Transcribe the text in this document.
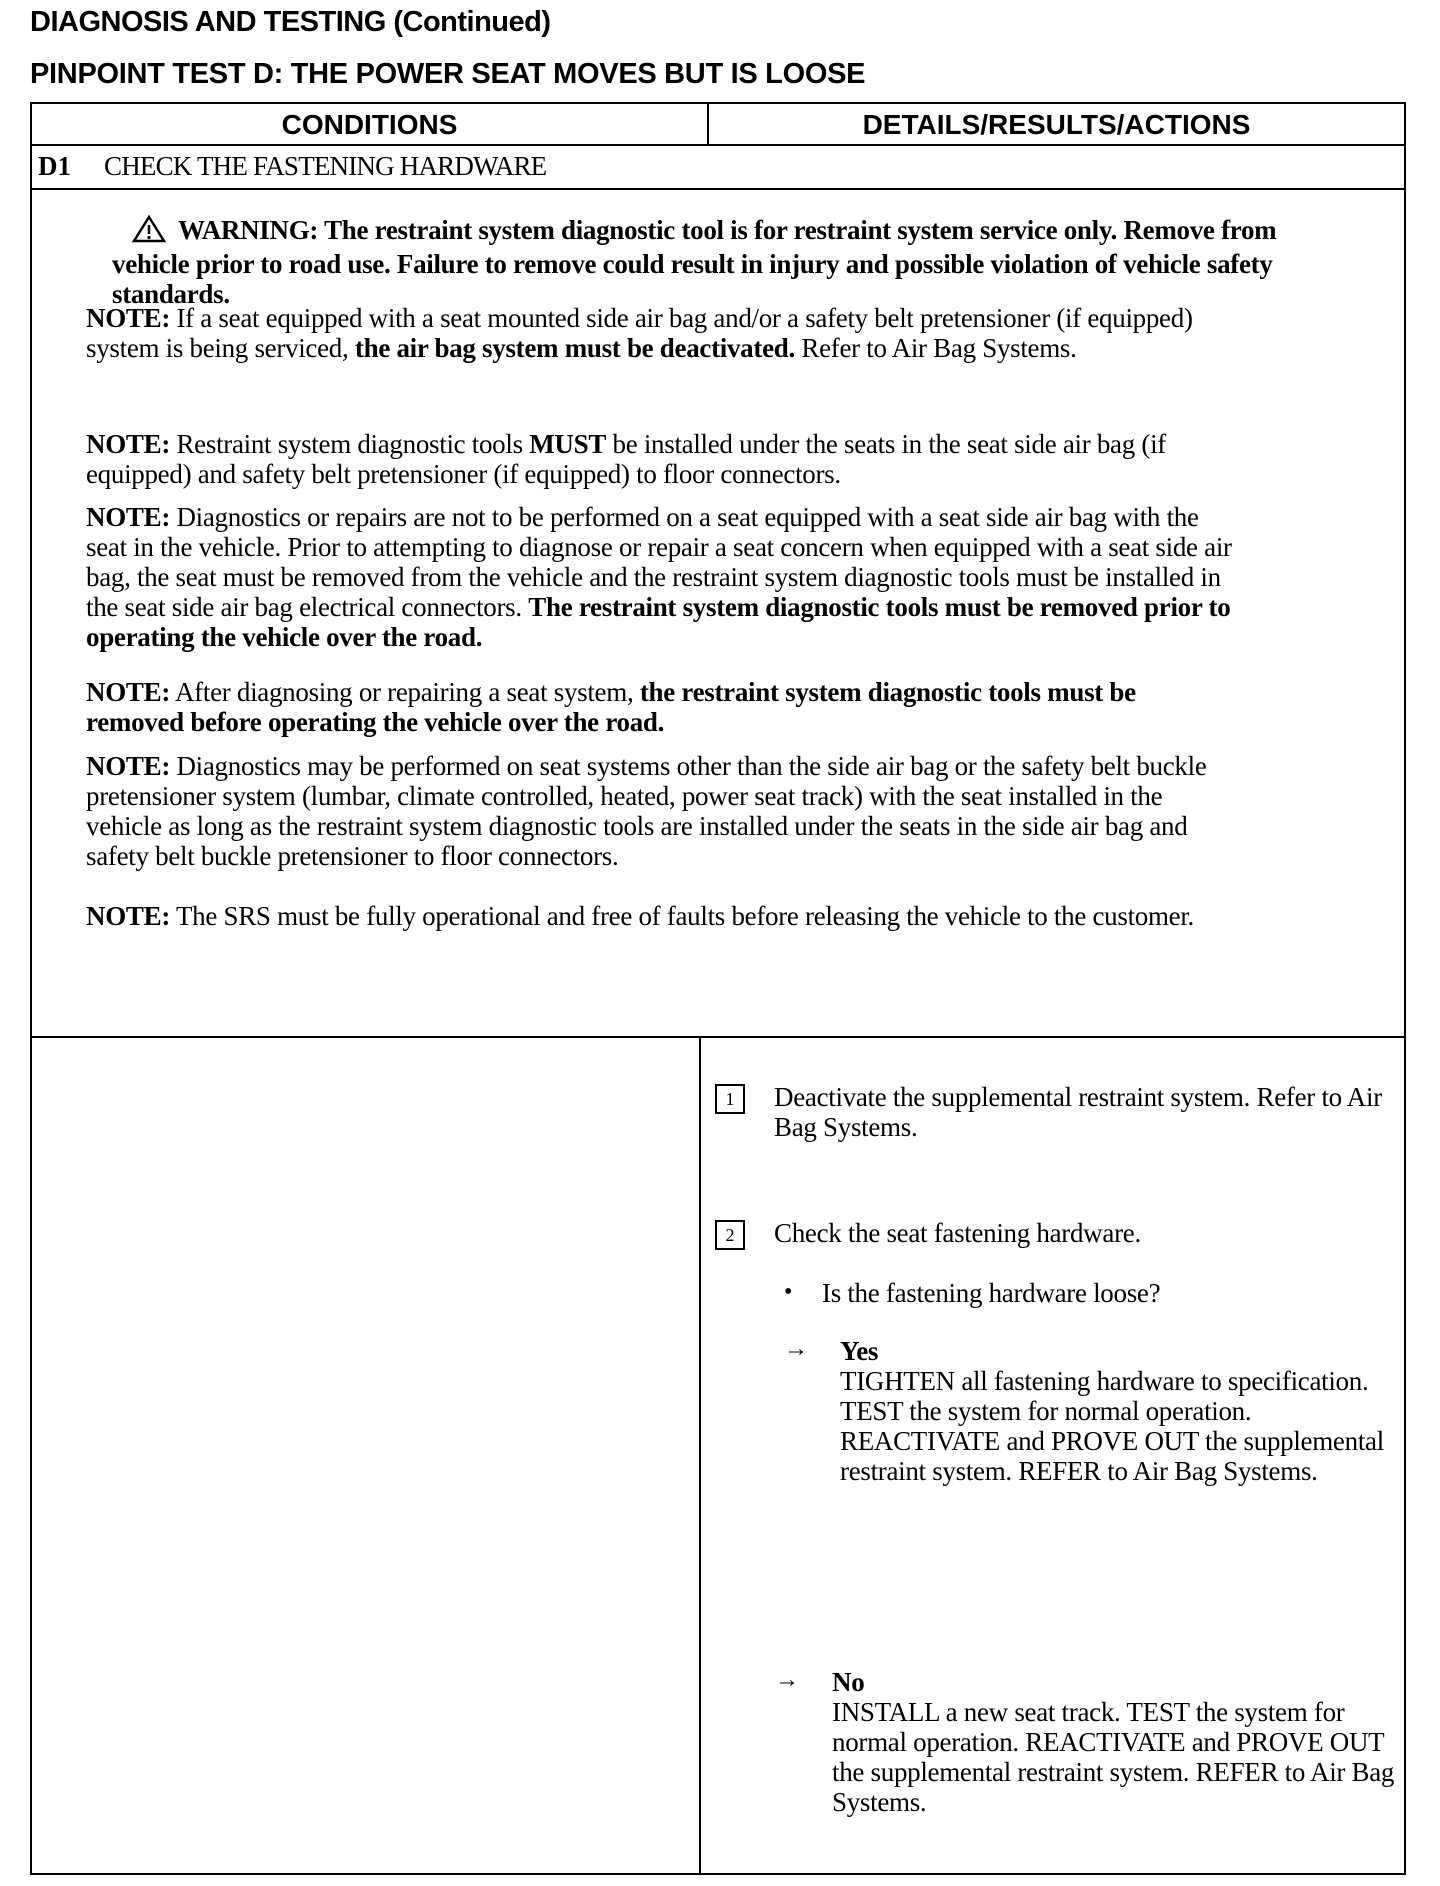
DIAGNOSIS AND TESTING (Continued)
PINPOINT TEST D: THE POWER SEAT MOVES BUT IS LOOSE
CONDITIONS	DETAILS/RESULTS/ACTIONS
D1 CHECK THE FASTENING HARDWARE
WARNING: The restraint system diagnostic tool is for restraint system service only. Remove from vehicle prior to road use. Failure to remove could result in injury and possible violation of vehicle safety standards.
NOTE: If a seat equipped with a seat mounted side air bag and/or a safety belt pretensioner (if equipped) system is being serviced, the air bag system must be deactivated. Refer to Air Bag Systems.
NOTE: Restraint system diagnostic tools MUST be installed under the seats in the seat side air bag (if equipped) and safety belt pretensioner (if equipped) to floor connectors.
NOTE: Diagnostics or repairs are not to be performed on a seat equipped with a seat side air bag with the seat in the vehicle. Prior to attempting to diagnose or repair a seat concern when equipped with a seat side air bag, the seat must be removed from the vehicle and the restraint system diagnostic tools must be installed in the seat side air bag electrical connectors. The restraint system diagnostic tools must be removed prior to operating the vehicle over the road.
NOTE: After diagnosing or repairing a seat system, the restraint system diagnostic tools must be removed before operating the vehicle over the road.
NOTE: Diagnostics may be performed on seat systems other than the side air bag or the safety belt buckle pretensioner system (lumbar, climate controlled, heated, power seat track) with the seat installed in the vehicle as long as the restraint system diagnostic tools are installed under the seats in the side air bag and safety belt buckle pretensioner to floor connectors.
NOTE: The SRS must be fully operational and free of faults before releasing the vehicle to the customer.
1	Deactivate the supplemental restraint system. Refer to Air Bag Systems.
2	Check the seat fastening hardware.
• Is the fastening hardware loose?
→ Yes
TIGHTEN all fastening hardware to specification. TEST the system for normal operation. REACTIVATE and PROVE OUT the supplemental restraint system. REFER to Air Bag Systems.
→ No
INSTALL a new seat track. TEST the system for normal operation. REACTIVATE and PROVE OUT the supplemental restraint system. REFER to Air Bag Systems.
